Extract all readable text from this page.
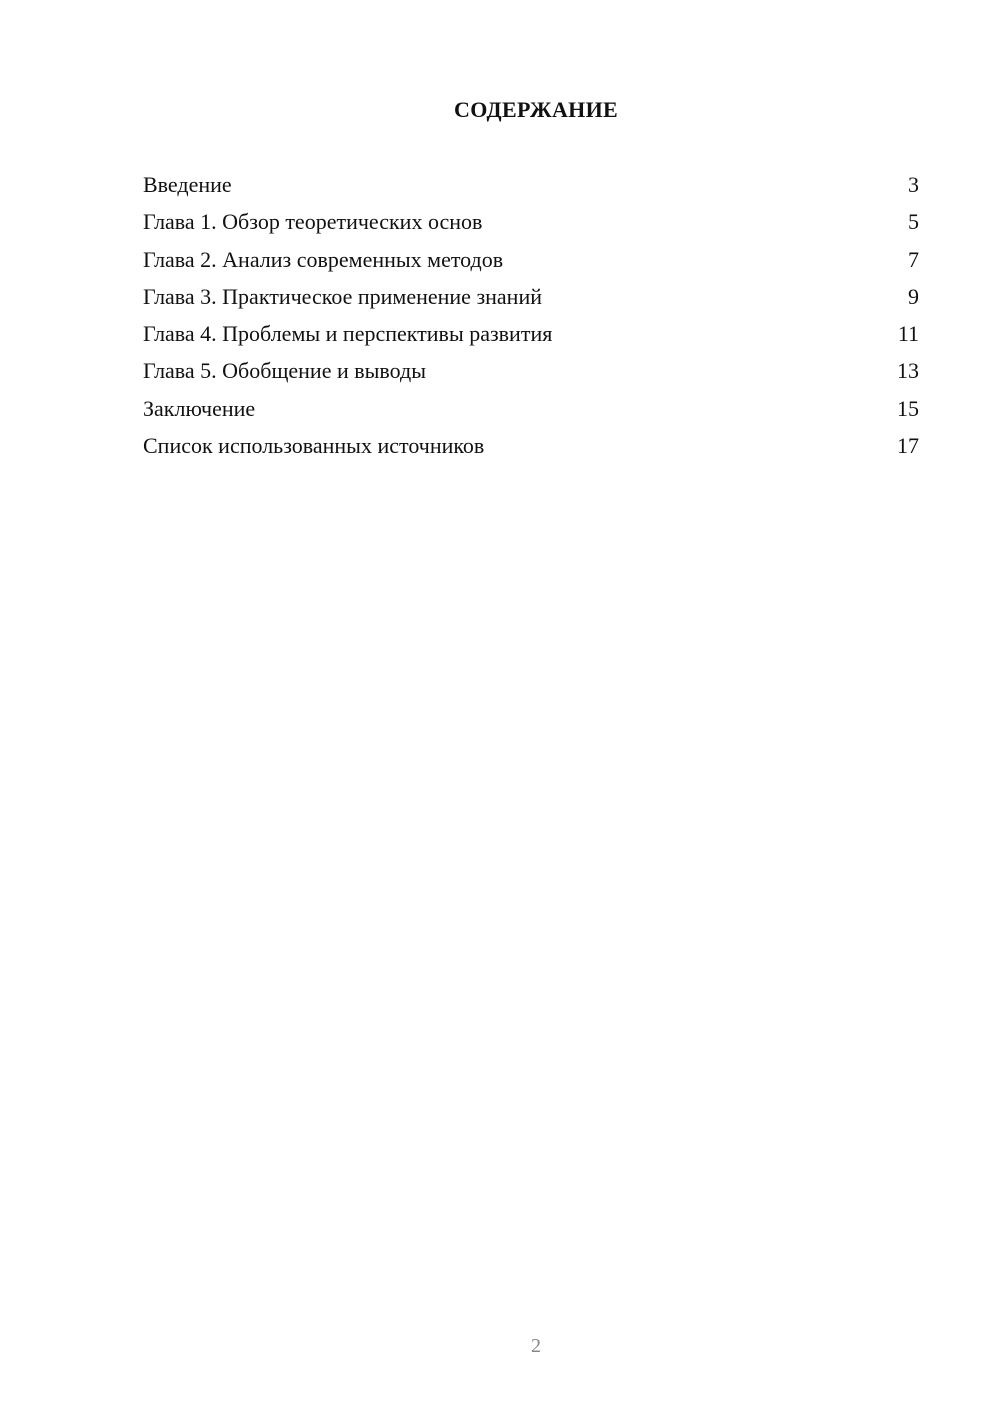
СОДЕРЖАНИЕ
Введение	3
Глава 1. Обзор теоретических основ	5
Глава 2. Анализ современных методов	7
Глава 3. Практическое применение знаний	9
Глава 4. Проблемы и перспективы развития	11
Глава 5. Обобщение и выводы	13
Заключение	15
Список использованных источников	17
2
